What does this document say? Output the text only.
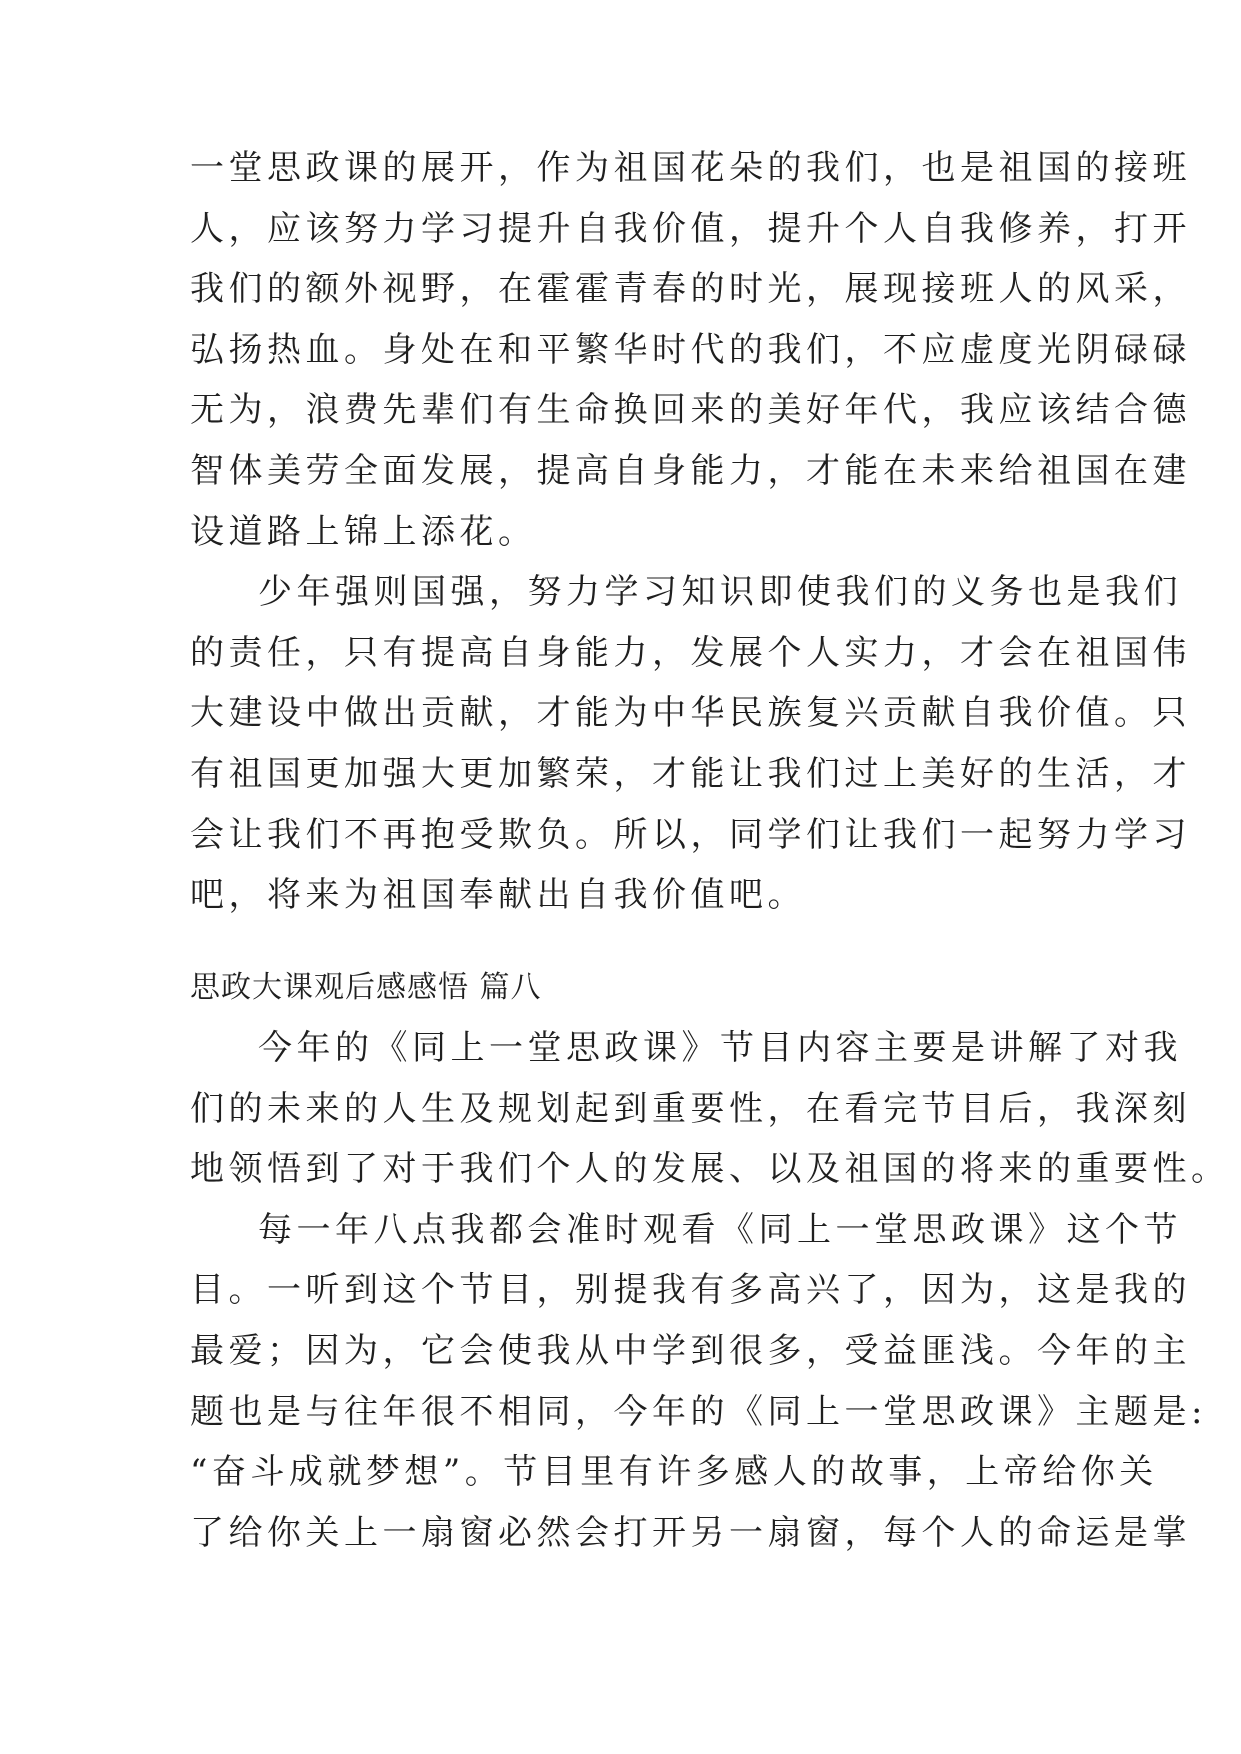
一堂思政课的展开，作为祖国花朵的我们，也是祖国的接班
人，应该努力学习提升自我价值，提升个人自我修养，打开
我们的额外视野，在霍霍青春的时光，展现接班人的风采，
弘扬热血。身处在和平繁华时代的我们，不应虚度光阴碌碌
无为，浪费先辈们有生命换回来的美好年代，我应该结合德
智体美劳全面发展，提高自身能力，才能在未来给祖国在建
设道路上锦上添花。
少年强则国强，努力学习知识即使我们的义务也是我们
的责任，只有提高自身能力，发展个人实力，才会在祖国伟
大建设中做出贡献，才能为中华民族复兴贡献自我价值。只
有祖国更加强大更加繁荣，才能让我们过上美好的生活，才
会让我们不再抱受欺负。所以，同学们让我们一起努力学习
吧，将来为祖国奉献出自我价值吧。
思政大课观后感感悟 篇八
今年的《同上一堂思政课》节目内容主要是讲解了对我
们的未来的人生及规划起到重要性，在看完节目后，我深刻
地领悟到了对于我们个人的发展、以及祖国的将来的重要性。
每一年八点我都会准时观看《同上一堂思政课》这个节
目。一听到这个节目，别提我有多高兴了，因为，这是我的
最爱；因为，它会使我从中学到很多，受益匪浅。今年的主
题也是与往年很不相同，今年的《同上一堂思政课》主题是:
“奋斗成就梦想”。节目里有许多感人的故事，上帝给你关
了给你关上一扇窗必然会打开另一扇窗，每个人的命运是掌
